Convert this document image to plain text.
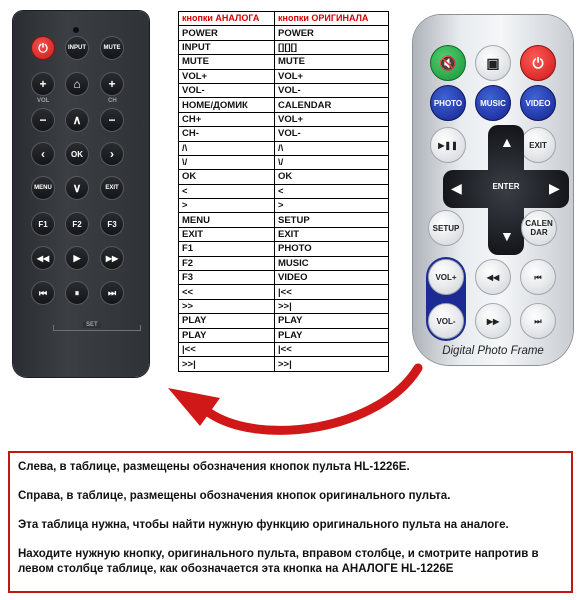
⏻	INPUT	MUTE
+ ⌂ +
VOL	CH
− ∧ −
‹	OK	›
MENU ∨	EXIT
F1	F2	F3
◀◀	▶	▶▶
⏮	⏸	⏭
SET
кнопки АНАЛОГА	кнопки ОРИГИНАЛА
POWER	POWER
INPUT	[][][]
MUTE	MUTE
VOL+	VOL+
VOL-	VOL-
HOME/ДОМИК	CALENDAR
CH+	VOL+
CH-	VOL-
/\	/\
\/	\/
OK	OK
<	<
>	>
MENU	SETUP
EXIT	EXIT
F1	PHOTO
F2	MUSIC
F3	VIDEO
<<	|<<
>>	>>|
PLAY	PLAY
PLAY	PLAY
|<<	|<<
>>|	>>|
🔇 ▣ ⏻
PHOTO	MUSIC	VIDEO
▶❚❚	EXIT
▲
▼
◀	▶
ENTER
SETUP	CALEN DAR
VOL+
VOL-
◀◀	⏮
▶▶	⏭
Digital Photo Frame

Слева, в таблице, размещены обозначения кнопок пульта HL-1226E.

Справа, в таблице, размещены обозначения кнопок оригинального пульта.

Эта таблица нужна, чтобы найти нужную функцию оригинального пульта на аналоге.

Находите нужную кнопку, оригинального пульта, вправом столбце, и смотрите напротив в левом столбце таблице, как обозначается эта кнопка на АНАЛОГЕ HL-1226E
